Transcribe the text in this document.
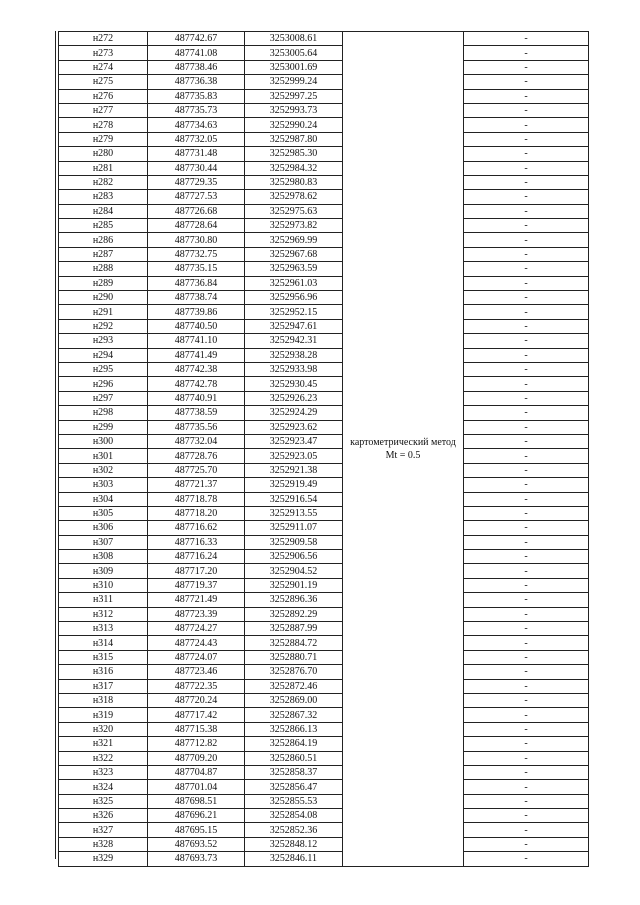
н272	487742.67	3253008.61	картометрический метод Mt = 0.5	-
н273	487741.08	3253005.64		-
н274	487738.46	3253001.69		-
н275	487736.38	3252999.24		-
н276	487735.83	3252997.25		-
н277	487735.73	3252993.73		-
н278	487734.63	3252990.24		-
н279	487732.05	3252987.80		-
н280	487731.48	3252985.30		-
н281	487730.44	3252984.32		-
н282	487729.35	3252980.83		-
н283	487727.53	3252978.62		-
н284	487726.68	3252975.63		-
н285	487728.64	3252973.82		-
н286	487730.80	3252969.99		-
н287	487732.75	3252967.68		-
н288	487735.15	3252963.59		-
н289	487736.84	3252961.03		-
н290	487738.74	3252956.96		-
н291	487739.86	3252952.15		-
н292	487740.50	3252947.61		-
н293	487741.10	3252942.31		-
н294	487741.49	3252938.28		-
н295	487742.38	3252933.98		-
н296	487742.78	3252930.45		-
н297	487740.91	3252926.23		-
н298	487738.59	3252924.29		-
н299	487735.56	3252923.62		-
н300	487732.04	3252923.47		-
н301	487728.76	3252923.05		-
н302	487725.70	3252921.38		-
н303	487721.37	3252919.49		-
н304	487718.78	3252916.54		-
н305	487718.20	3252913.55		-
н306	487716.62	3252911.07		-
н307	487716.33	3252909.58		-
н308	487716.24	3252906.56		-
н309	487717.20	3252904.52		-
н310	487719.37	3252901.19		-
н311	487721.49	3252896.36		-
н312	487723.39	3252892.29		-
н313	487724.27	3252887.99		-
н314	487724.43	3252884.72		-
н315	487724.07	3252880.71		-
н316	487723.46	3252876.70		-
н317	487722.35	3252872.46		-
н318	487720.24	3252869.00		-
н319	487717.42	3252867.32		-
н320	487715.38	3252866.13		-
н321	487712.82	3252864.19		-
н322	487709.20	3252860.51		-
н323	487704.87	3252858.37		-
н324	487701.04	3252856.47		-
н325	487698.51	3252855.53		-
н326	487696.21	3252854.08		-
н327	487695.15	3252852.36		-
н328	487693.52	3252848.12		-
н329	487693.73	3252846.11		-
